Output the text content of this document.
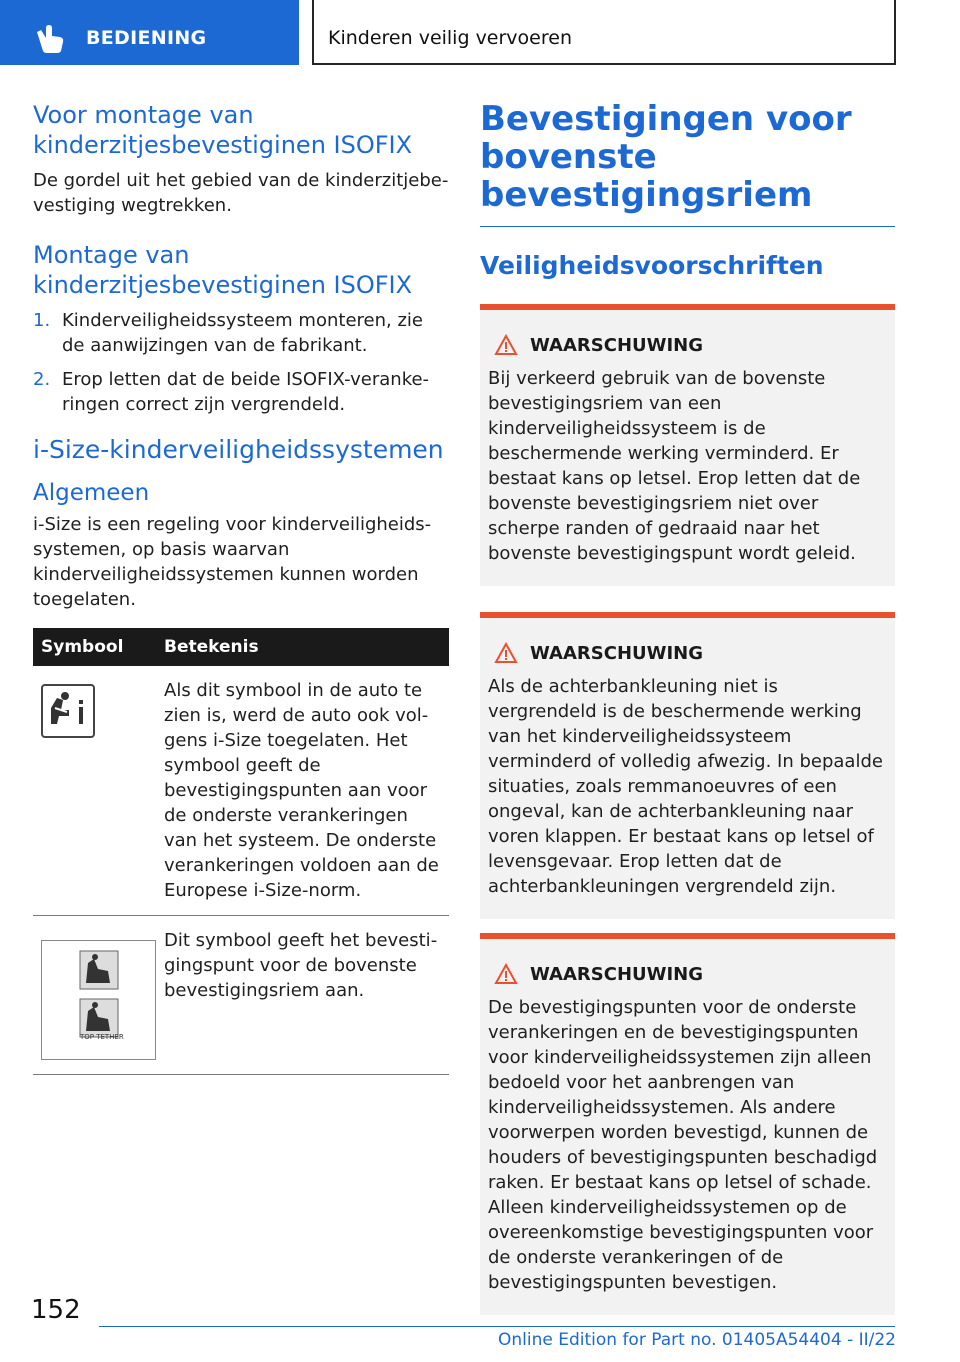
BEDIENING	Kinderen veilig vervoeren
Voor montage van kinderzitjesbevestiginen ISOFIX

De gordel uit het gebied van de kinderzitjebevestiging wegtrekken.

Montage van kinderzitjesbevestiginen ISOFIX
1. Kinderveiligheidssysteem monteren, zie de aanwijzingen van de fabrikant.
2. Erop letten dat de beide ISOFIX-verankeringen correct zijn vergrendeld.
i-Size-kinderveiligheidssystemen
Algemeen

i-Size is een regeling voor kinderveiligheidssystemen, op basis waarvan kinderveiligheidssystemen kunnen worden toegelaten.

Symbool	Betekenis

	Als dit symbool in de auto te zien is, werd de auto ook volgens i-Size toegelaten. Het symbool geeft de bevestigingspunten aan voor de onderste verankeringen van het systeem. De onderste verankeringen voldoen aan de Europese i-Size-norm.

TOP TETHER	Dit symbool geeft het bevestigingspunt voor de bovenste bevestigingsriem aan.
Bevestigingen voor bovenste bevestigingsriem
Veiligheidsvoorschriften
WAARSCHUWING

Bij verkeerd gebruik van de bovenste bevestigingsriem van een kinderveiligheidssysteem is de beschermende werking verminderd. Er bestaat kans op letsel. Erop letten dat de bovenste bevestigingsriem niet over scherpe randen of gedraaid naar het bovenste bevestigingspunt wordt geleid.

WAARSCHUWING

Als de achterbankleuning niet is vergrendeld is de beschermende werking van het kinderveiligheidssysteem verminderd of volledig afwezig. In bepaalde situaties, zoals remmanoeuvres of een ongeval, kan de achterbankleuning naar voren klappen. Er bestaat kans op letsel of levensgevaar. Erop letten dat de achterbankleuningen vergrendeld zijn.

WAARSCHUWING

De bevestigingspunten voor de onderste verankeringen en de bevestigingspunten voor kinderveiligheidssystemen zijn alleen bedoeld voor het aanbrengen van kinderveiligheidssystemen. Als andere voorwerpen worden bevestigd, kunnen de houders of bevestigingspunten beschadigd raken. Er bestaat kans op letsel of schade. Alleen kinderveiligheidssystemen op de overeenkomstige bevestigingspunten voor de onderste verankeringen of de bevestigingspunten bevestigen.

152
Online Edition for Part no. 01405A54404 - II/22
